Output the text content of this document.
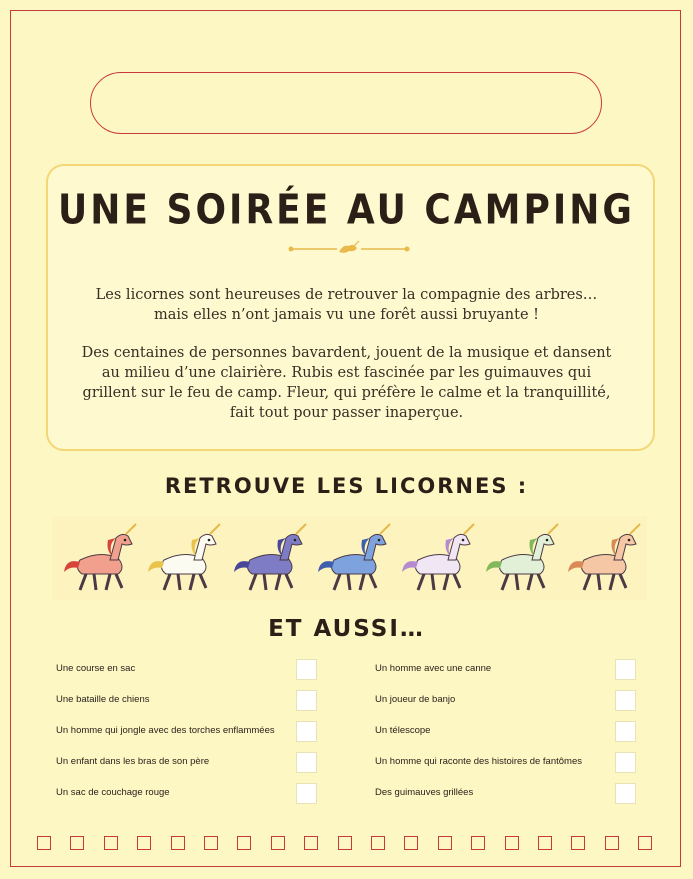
UNE SOIRÉE AU CAMPING
Les licornes sont heureuses de retrouver la compagnie des arbres… mais elles n’ont jamais vu une forêt aussi bruyante !
Des centaines de personnes bavardent, jouent de la musique et dansent au milieu d’une clairière. Rubis est fascinée par les guimauves qui grillent sur le feu de camp. Fleur, qui préfère le calme et la tranquillité, fait tout pour passer inaperçue.
RETROUVE LES LICORNES :
ET AUSSI…
Une course en sac
Une bataille de chiens
Un homme qui jongle avec des torches enflammées
Un enfant dans les bras de son père
Un sac de couchage rouge
Un homme avec une canne
Un joueur de banjo
Un télescope
Un homme qui raconte des histoires de fantômes
Des guimauves grillées
